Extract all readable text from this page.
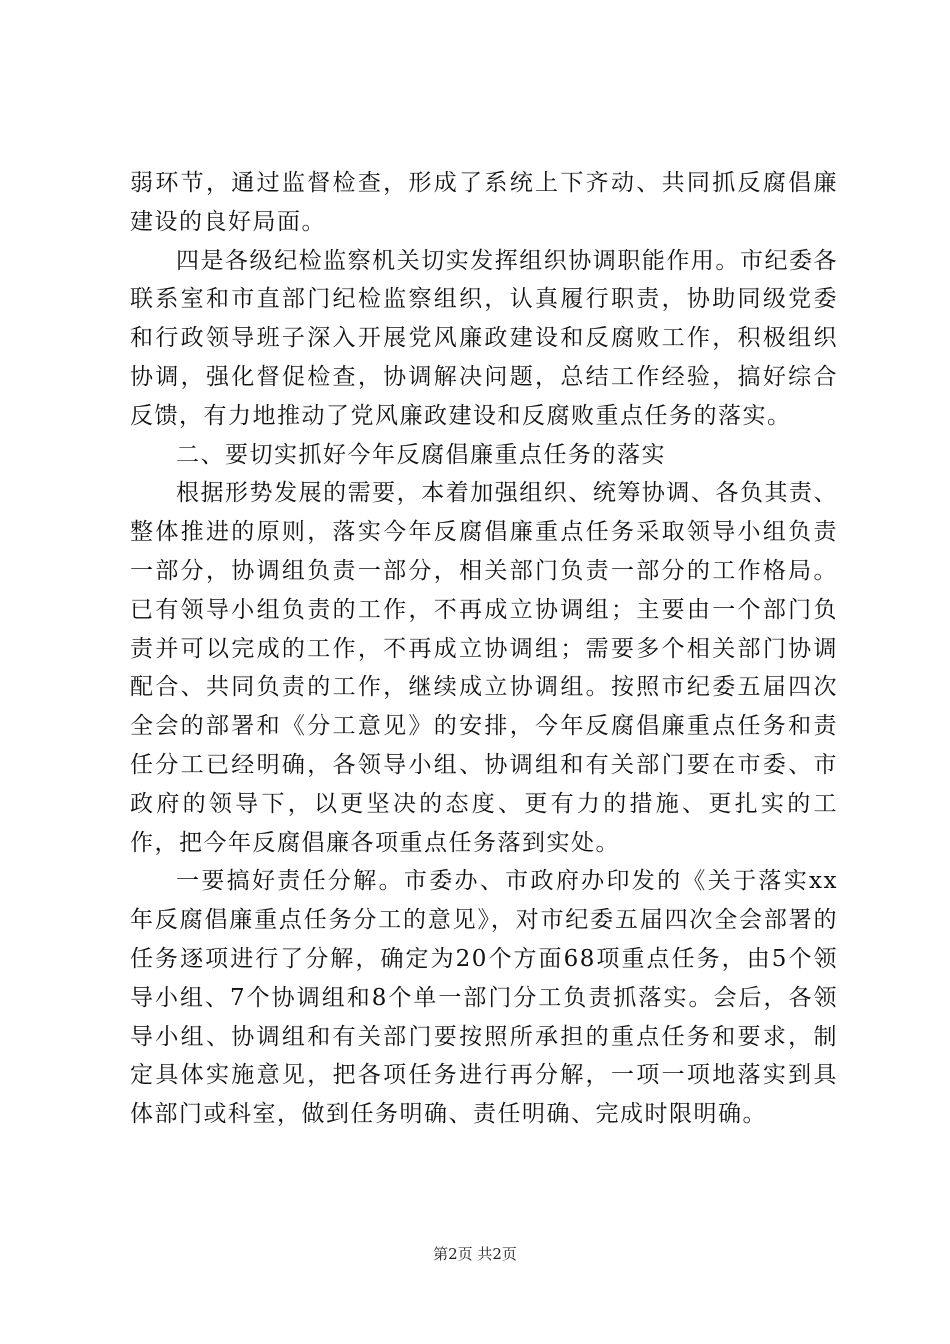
弱环节，通过监督检查，形成了系统上下齐动、共同抓反腐倡廉建设的良好局面。

四是各级纪检监察机关切实发挥组织协调职能作用。市纪委各联系室和市直部门纪检监察组织，认真履行职责，协助同级党委和行政领导班子深入开展党风廉政建设和反腐败工作，积极组织协调，强化督促检查，协调解决问题，总结工作经验，搞好综合反馈，有力地推动了党风廉政建设和反腐败重点任务的落实。

二、要切实抓好今年反腐倡廉重点任务的落实

根据形势发展的需要，本着加强组织、统筹协调、各负其责、整体推进的原则，落实今年反腐倡廉重点任务采取领导小组负责一部分，协调组负责一部分，相关部门负责一部分的工作格局。已有领导小组负责的工作，不再成立协调组；主要由一个部门负责并可以完成的工作，不再成立协调组；需要多个相关部门协调配合、共同负责的工作，继续成立协调组。按照市纪委五届四次全会的部署和《分工意见》的安排，今年反腐倡廉重点任务和责任分工已经明确，各领导小组、协调组和有关部门要在市委、市政府的领导下，以更坚决的态度、更有力的措施、更扎实的工作，把今年反腐倡廉各项重点任务落到实处。

一要搞好责任分解。市委办、市政府办印发的《关于落实xx年反腐倡廉重点任务分工的意见》，对市纪委五届四次全会部署的任务逐项进行了分解，确定为20个方面68项重点任务，由5个领导小组、7个协调组和8个单一部门分工负责抓落实。会后，各领导小组、协调组和有关部门要按照所承担的重点任务和要求，制定具体实施意见，把各项任务进行再分解，一项一项地落实到具体部门或科室，做到任务明确、责任明确、完成时限明确。

第2页 共2页
